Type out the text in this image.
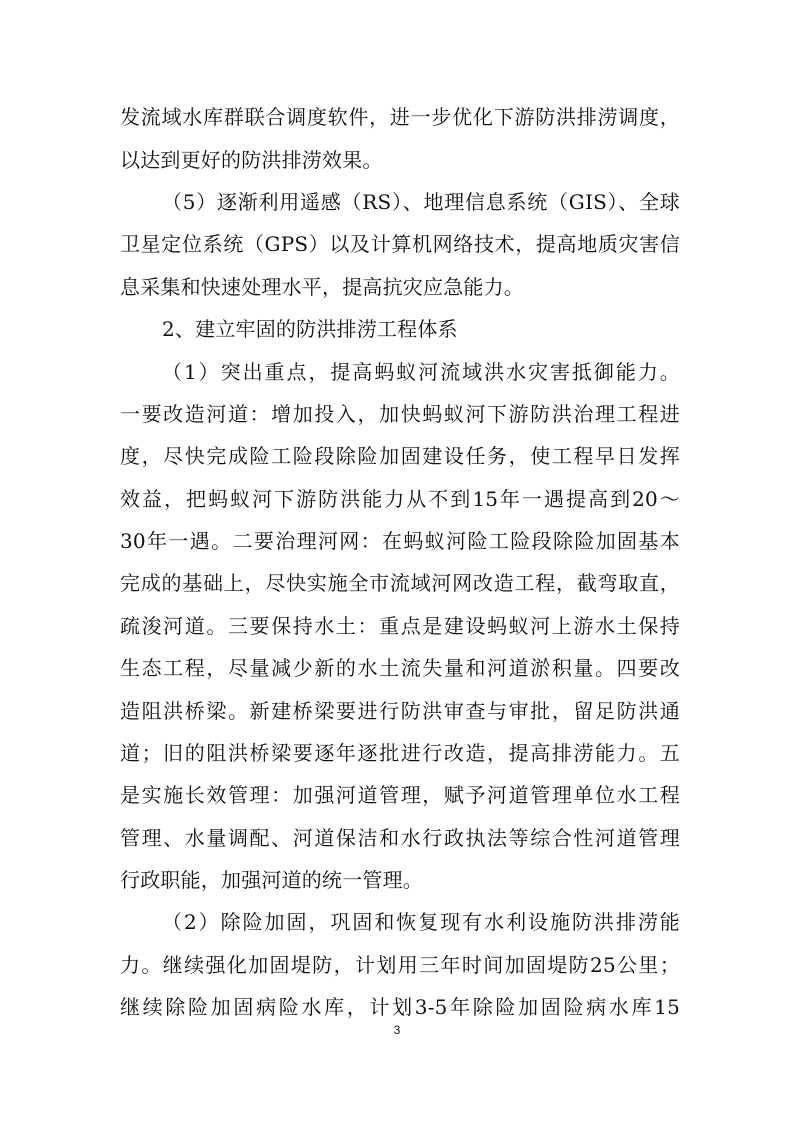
发流域水库群联合调度软件，进一步优化下游防洪排涝调度，
以达到更好的防洪排涝效果。
（5）逐渐利用遥感（RS）、地理信息系统（GIS）、全球
卫星定位系统（GPS）以及计算机网络技术，提高地质灾害信
息采集和快速处理水平，提高抗灾应急能力。
2、建立牢固的防洪排涝工程体系
（1）突出重点，提高蚂蚁河流域洪水灾害抵御能力。
一要改造河道：增加投入，加快蚂蚁河下游防洪治理工程进
度，尽快完成险工险段除险加固建设任务，使工程早日发挥
效益，把蚂蚁河下游防洪能力从不到15年一遇提高到20～
30年一遇。二要治理河网：在蚂蚁河险工险段除险加固基本
完成的基础上，尽快实施全市流域河网改造工程，截弯取直，
疏浚河道。三要保持水土：重点是建设蚂蚁河上游水土保持
生态工程，尽量减少新的水土流失量和河道淤积量。四要改
造阻洪桥梁。新建桥梁要进行防洪审查与审批，留足防洪通
道；旧的阻洪桥梁要逐年逐批进行改造，提高排涝能力。五
是实施长效管理：加强河道管理，赋予河道管理单位水工程
管理、水量调配、河道保洁和水行政执法等综合性河道管理
行政职能，加强河道的统一管理。
（2）除险加固，巩固和恢复现有水利设施防洪排涝能
力。继续强化加固堤防，计划用三年时间加固堤防25公里；
继续除险加固病险水库，计划3-5年除险加固险病水库15
3
